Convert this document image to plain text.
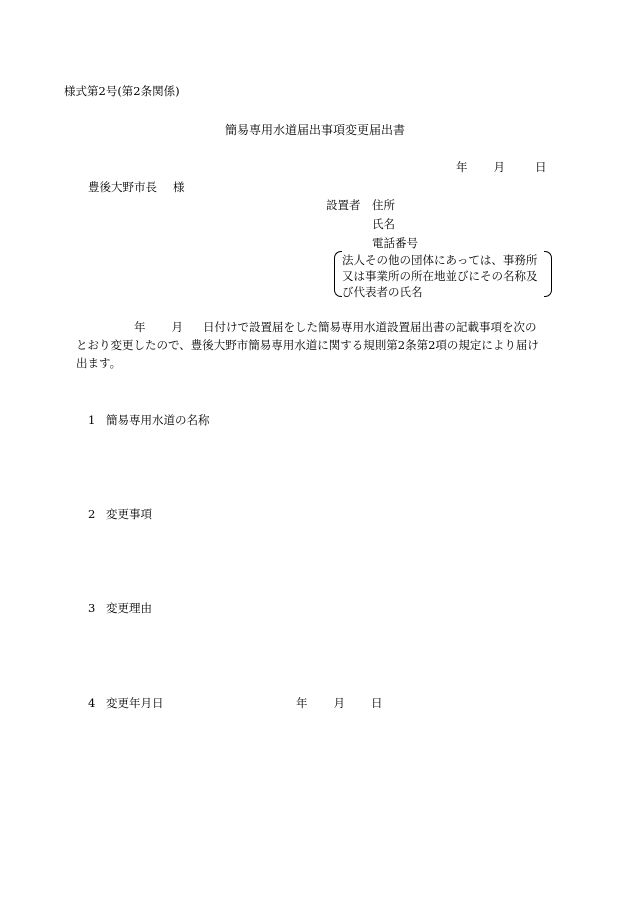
様式第2号(第2条関係)
簡易専用水道届出事項変更届出書
年 月	日
豊後大野市長 様
設置者 住所
氏名
電話番号
法人その他の団体にあっては、事務所
又は事業所の所在地並びにその名称及
び代表者の氏名
年 月 日付けで設置届をした簡易専用水道設置届出書の記載事項を次の
とおり変更したので、豊後大野市簡易専用水道に関する規則第2条第2項の規定により届け
出ます。
1 簡易専用水道の名称
2 変更事項
3 変更理由
4 変更年月日	年 月 日
